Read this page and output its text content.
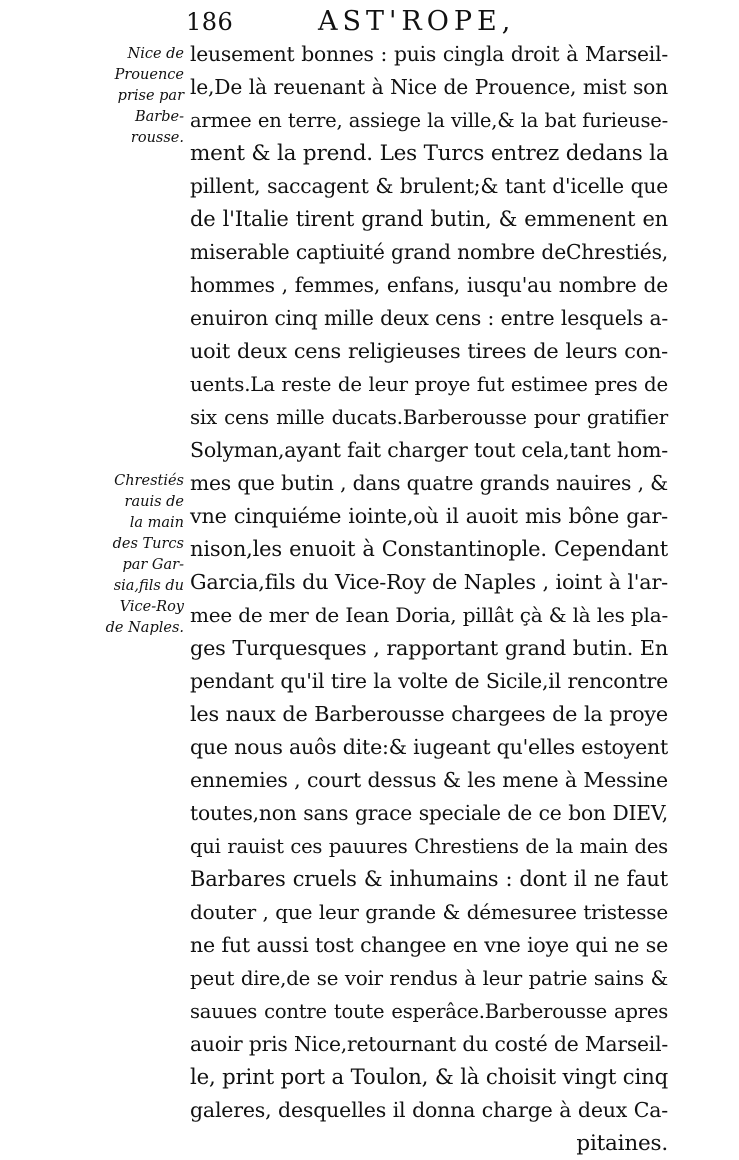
186	AST'ROPE,
Nice de
Prouence
prise par
Barbe-
rousse.
Chrestiés
rauis de
la main
des Turcs
par Gar-
sia,fils du
Vice-Roy
de Naples.
leusement bonnes : puis cingla droit à Marseil-
le,De là reuenant à Nice de Prouence, mist son
armee en terre, assiege la ville,& la bat furieuse-
ment & la prend. Les Turcs entrez dedans la
pillent, saccagent & brulent;& tant d'icelle que
de l'Italie tirent grand butin, & emmenent en
miserable captiuité grand nombre deChrestiés,
hommes , femmes, enfans, iusqu'au nombre de
enuiron cinq mille deux cens : entre lesquels a-
uoit deux cens religieuses tirees de leurs con-
uents.La reste de leur proye fut estimee pres de
six cens mille ducats.Barberousse pour gratifier
Solyman,ayant fait charger tout cela,tant hom-
mes que butin , dans quatre grands nauires , &
vne cinquiéme iointe,où il auoit mis bône gar-
nison,les enuoit à Constantinople. Cependant
Garcia,fils du Vice-Roy de Naples , ioint à l'ar-
mee de mer de Iean Doria, pillât çà & là les pla-
ges Turquesques , rapportant grand butin. En
pendant qu'il tire la volte de Sicile,il rencontre
les naux de Barberousse chargees de la proye
que nous auôs dite:& iugeant qu'elles estoyent
ennemies , court dessus & les mene à Messine
toutes,non sans grace speciale de ce bon DIEV,
qui rauist ces pauures Chrestiens de la main des
Barbares cruels & inhumains : dont il ne faut
douter , que leur grande & démesuree tristesse
ne fut aussi tost changee en vne ioye qui ne se
peut dire,de se voir rendus à leur patrie sains &
sauues contre toute esperâce.Barberousse apres
auoir pris Nice,retournant du costé de Marseil-
le, print port a Toulon, & là choisit vingt cinq
galeres, desquelles il donna charge à deux Ca-
pitaines.
